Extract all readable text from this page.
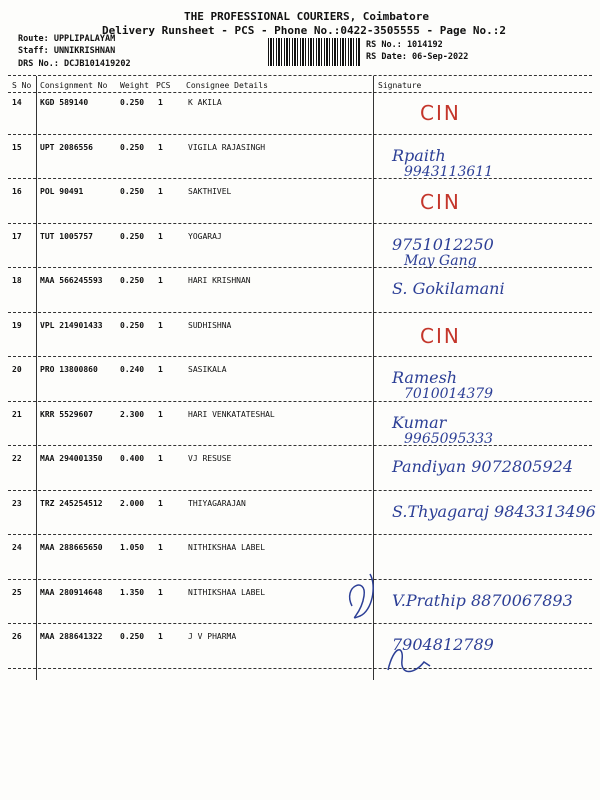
THE PROFESSIONAL COURIERS, Coimbatore
Delivery Runsheet - PCS - Phone No.:0422-3505555 - Page No.:2
Route: UPPLIPALAYAM
Staff: UNNIKRISHNAN
DRS No.: DCJB101419202
RS No.: 1014192
RS Date: 06-Sep-2022
S No Consignment No Weight PCS Consignee Details	Signature
14 KGD 589140	0.250 1	K AKILA	CIN
15 UPT 2086556	0.250 1	VIGILA RAJASINGH	Rpaith
9943113611
16 POL 90491	0.250 1	SAKTHIVEL	CIN
17 TUT 1005757	0.250 1	YOGARAJ	9751012250
May Gang
18 MAA 566245593 0.250 1	HARI KRISHNAN	S. Gokilamani
19 VPL 214901433 0.250 1	SUDHISHNA	CIN
20 PRO 13800860	0.240 1	SASIKALA	Ramesh
7010014379
21 KRR 5529607	2.300 1	HARI VENKATATESHAL	Kumar
9965095333
22 MAA 294001350 0.400 1	VJ RESUSE	Pandiyan 9072805924
23 TRZ 245254512 2.000 1	THIYAGARAJAN	S.Thyagaraj 9843313496
24 MAA 288665650 1.050 1	NITHIKSHAA LABEL
25 MAA 280914648 1.350 1	NITHIKSHAA LABEL	V.Prathip 8870067893
26 MAA 288641322 0.250 1	J V PHARMA	7904812789
